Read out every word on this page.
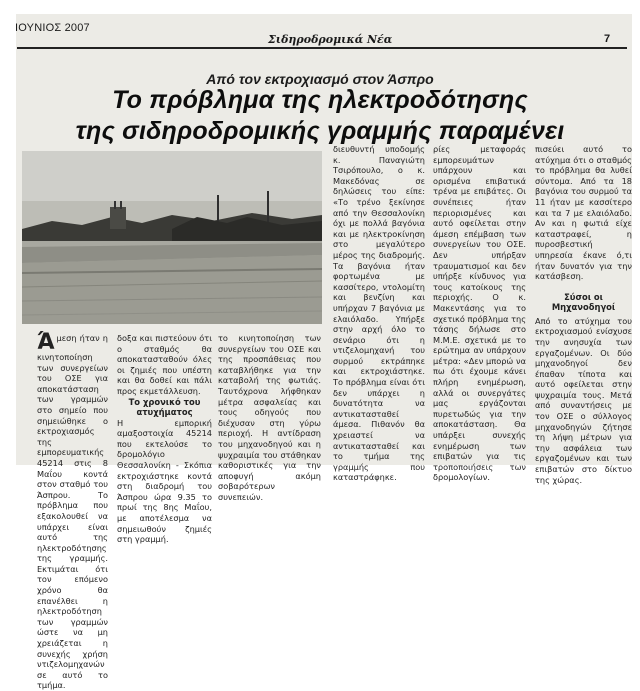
ΙΟΥΝΙΟΣ 2007
Σιδηροδρομικά Νέα	7
Από τον εκτροχιασμό στον Άσπρο
Το πρόβλημα της ηλεκτροδότησης
της σιδηροδρομικής γραμμής παραμένει
Ά μεση ήταν η κινητοποίηση των συνεργείων του ΟΣΕ για αποκατάσταση των γραμμών στο σημείο που σημειώθηκε ο εκτροχιασμός της εμπορευματικής 45214 στις 8 Μαΐου κοντά στον σταθμό του Άσπρου. Το πρόβλημα που εξακολουθεί να υπάρχει είναι αυτό της ηλεκτροδότησης της γραμμής. Εκτιμάται ότι τον επόμενο χρόνο θα επανέλθει η ηλεκτροδότηση των γραμμών ώστε να μη χρειάζεται η συνεχής χρήση ντιζελομηχανών σε αυτό το τμήμα.

δοξα και πιστεύουν ότι ο σταθμός θα αποκατασταθούν όλες οι ζημιές που υπέστη και θα δοθεί και πάλι προς εκμετάλλευση.

Το χρονικό του ατυχήματος

Η εμπορική αμαξοστοιχία 45214 που εκτελούσε το δρομολόγιο Θεσσαλονίκη - Σκόπια εκτροχιάστηκε κοντά στη διαδρομή του Άσπρου ώρα 9.35 το πρωί της 8ης Μαΐου, με αποτέλεσμα να σημειωθούν ζημιές στη γραμμή.

το κινητοποίηση των συνεργείων του ΟΣΕ και της προσπάθειας που καταβλήθηκε για την καταβολή της φωτιάς. Ταυτόχρονα λήφθηκαν μέτρα ασφαλείας και τους οδηγούς που διέχυσαν στη γύρω περιοχή. Η αντίδραση του μηχανοδηγού και η ψυχραιμία του στάθηκαν καθοριστικές για την αποφυγή ακόμη σοβαρότερων συνεπειών.

διευθυντή υποδομής κ. Παναγιώτη Τσιρόπουλο, ο κ. Μακεδόνας σε δηλώσεις του είπε: «Το τρένο ξεκίνησε από την Θεσσαλονίκη όχι με πολλά βαγόνια και με ηλεκτροκίνηση στο μεγαλύτερο μέρος της διαδρομής. Τα βαγόνια ήταν φορτωμένα με κασσίτερο, ντολομίτη και βενζίνη και υπήρχαν 7 βαγόνια με ελαιόλαδο. Υπήρξε στην αρχή όλο το σενάριο ότι η ντιζελομηχανή του συρμού εκτράπηκε και εκτροχιάστηκε. Το πρόβλημα είναι ότι δεν υπάρχει η δυνατότητα να αντικατασταθεί άμεσα. Πιθανόν θα χρειαστεί να αντικατασταθεί και το τμήμα της γραμμής που καταστράφηκε.

ρίες μεταφοράς εμπορευμάτων υπάρχουν και ορισμένα επιβατικά τρένα με επιβάτες. Οι συνέπειες ήταν περιορισμένες και αυτό οφείλεται στην άμεση επέμβαση των συνεργείων του ΟΣΕ. Δεν υπήρξαν τραυματισμοί και δεν υπήρξε κίνδυνος για τους κατοίκους της περιοχής. Ο κ. Μακεντάσης για το σχετικό πρόβλημα της τάσης δήλωσε στο Μ.Μ.Ε. σχετικά με το ερώτημα αν υπάρχουν μέτρα: «Δεν μπορώ να πω ότι έχουμε κάνει πλήρη ενημέρωση, αλλά οι συνεργάτες μας εργάζονται πυρετωδώς για την αποκατάσταση. Θα υπάρξει συνεχής ενημέρωση των επιβατών για τις τροποποιήσεις των δρομολογίων.

πισεύει αυτό το ατύχημα ότι ο σταθμός το πρόβλημα θα λυθεί σύντομα. Από τα 18 βαγόνια του συρμού τα 11 ήταν με κασσίτερο και τα 7 με ελαιόλαδο. Αν και η φωτιά είχε καταστραφεί, η πυροσβεστική υπηρεσία έκανε ό,τι ήταν δυνατόν για την κατάσβεση.

Σύσοι οι Μηχανοδηγοί

Από το ατύχημα του εκτροχιασμού ενίσχυσε την ανησυχία των εργαζομένων. Οι δύο μηχανοδηγοί δεν έπαθαν τίποτα και αυτό οφείλεται στην ψυχραιμία τους. Μετά από συναντήσεις με τον ΟΣΕ ο σύλλογος μηχανοδηγών ζήτησε τη λήψη μέτρων για την ασφάλεια των εργαζομένων και των επιβατών στο δίκτυο της χώρας.
